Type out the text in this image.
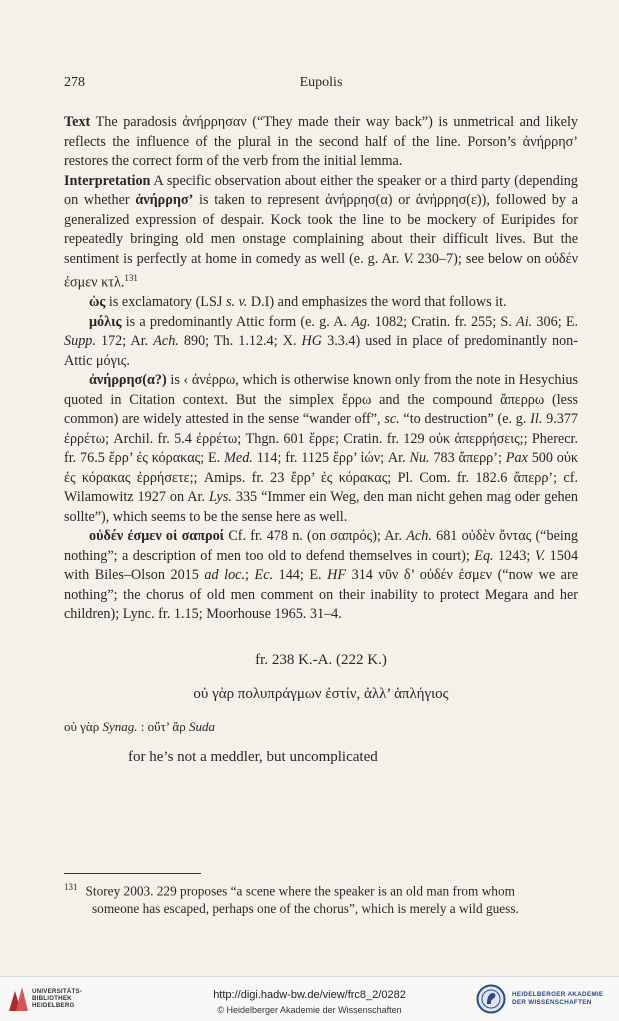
278	Eupolis

Text The paradosis ἀνήρρησαν (“They made their way back”) is unmetrical and likely reflects the influence of the plural in the second half of the line. Porson’s ἀνήρρησ’ restores the correct form of the verb from the initial lemma.

Interpretation A specific observation about either the speaker or a third party (depending on whether ἀνήρρησ’ is taken to represent ἀνήρρησ(α) or ἀνήρρησ(ε)), followed by a generalized expression of despair. Kock took the line to be mockery of Euripides for repeatedly bringing old men onstage complaining about their difficult lives. But the sentiment is perfectly at home in comedy as well (e. g. Ar. V. 230–7); see below on οὐδέν ἐσμεν κτλ.$^{131}$

ὡς is exclamatory (LSJ s. v. D.I) and emphasizes the word that follows it.

μόλις is a predominantly Attic form (e. g. A. Ag. 1082; Cratin. fr. 255; S. Ai. 306; E. Supp. 172; Ar. Ach. 890; Th. 1.12.4; X. HG 3.3.4) used in place of predominantly non-Attic μόγις.

ἀνήρρησ(α?) is ‹ ἀνέρρω, which is otherwise known only from the note in Hesychius quoted in Citation context. But the simplex ἔρρω and the compound ἄπερρω (less common) are widely attested in the sense “wander off”, sc. “to destruction” (e. g. Il. 9.377 ἐρρέτω; Archil. fr. 5.4 ἐρρέτω; Thgn. 601 ἔρρε; Cratin. fr. 129 οὐκ ἀπερρήσεις;; Pherecr. fr. 76.5 ἔρρ’ ἐς κόρακας; E. Med. 114; fr. 1125 ἔρρ’ ἰών; Ar. Nu. 783 ἄπερρ’; Pax 500 οὐκ ἐς κόρακας ἐρρήσετε;; Amips. fr. 23 ἔρρ’ ἐς κόρακας; Pl. Com. fr. 182.6 ἄπερρ’; cf. Wilamowitz 1927 on Ar. Lys. 335 “Immer ein Weg, den man nicht gehen mag oder gehen sollte”), which seems to be the sense here as well.

οὐδέν ἐσμεν οἱ σαπροί Cf. fr. 478 n. (on σαπρός); Ar. Ach. 681 οὐδὲν ὄντας (“being nothing”; a description of men too old to defend themselves in court); Eq. 1243; V. 1504 with Biles–Olson 2015 ad loc.; Ec. 144; E. HF 314 νῦν δ’ οὐδέν ἐσμεν (“now we are nothing”; the chorus of old men comment on their inability to protect Megara and her children); Lync. fr. 1.15; Moorhouse 1965. 31–4.

fr. 238 K.-A. (222 K.)
οὐ γὰρ πολυπράγμων ἐστίν, ἀλλ’ ἁπλήγιος
οὐ γὰρ Synag. : οὔτ’ ἄρ Suda
for he’s not a meddler, but uncomplicated
$^{131}$ Storey 2003. 229 proposes “a scene where the speaker is an old man from whom
someone has escaped, perhaps one of the chorus”, which is merely a wild guess.
UNIVERSITÄTS-
BIBLIOTHEK
HEIDELBERG
http://digi.hadw-bw.de/view/frc8_2/0282
© Heidelberger Akademie der Wissenschaften
HEIDELBERGER AKADEMIE
DER WISSENSCHAFTEN
